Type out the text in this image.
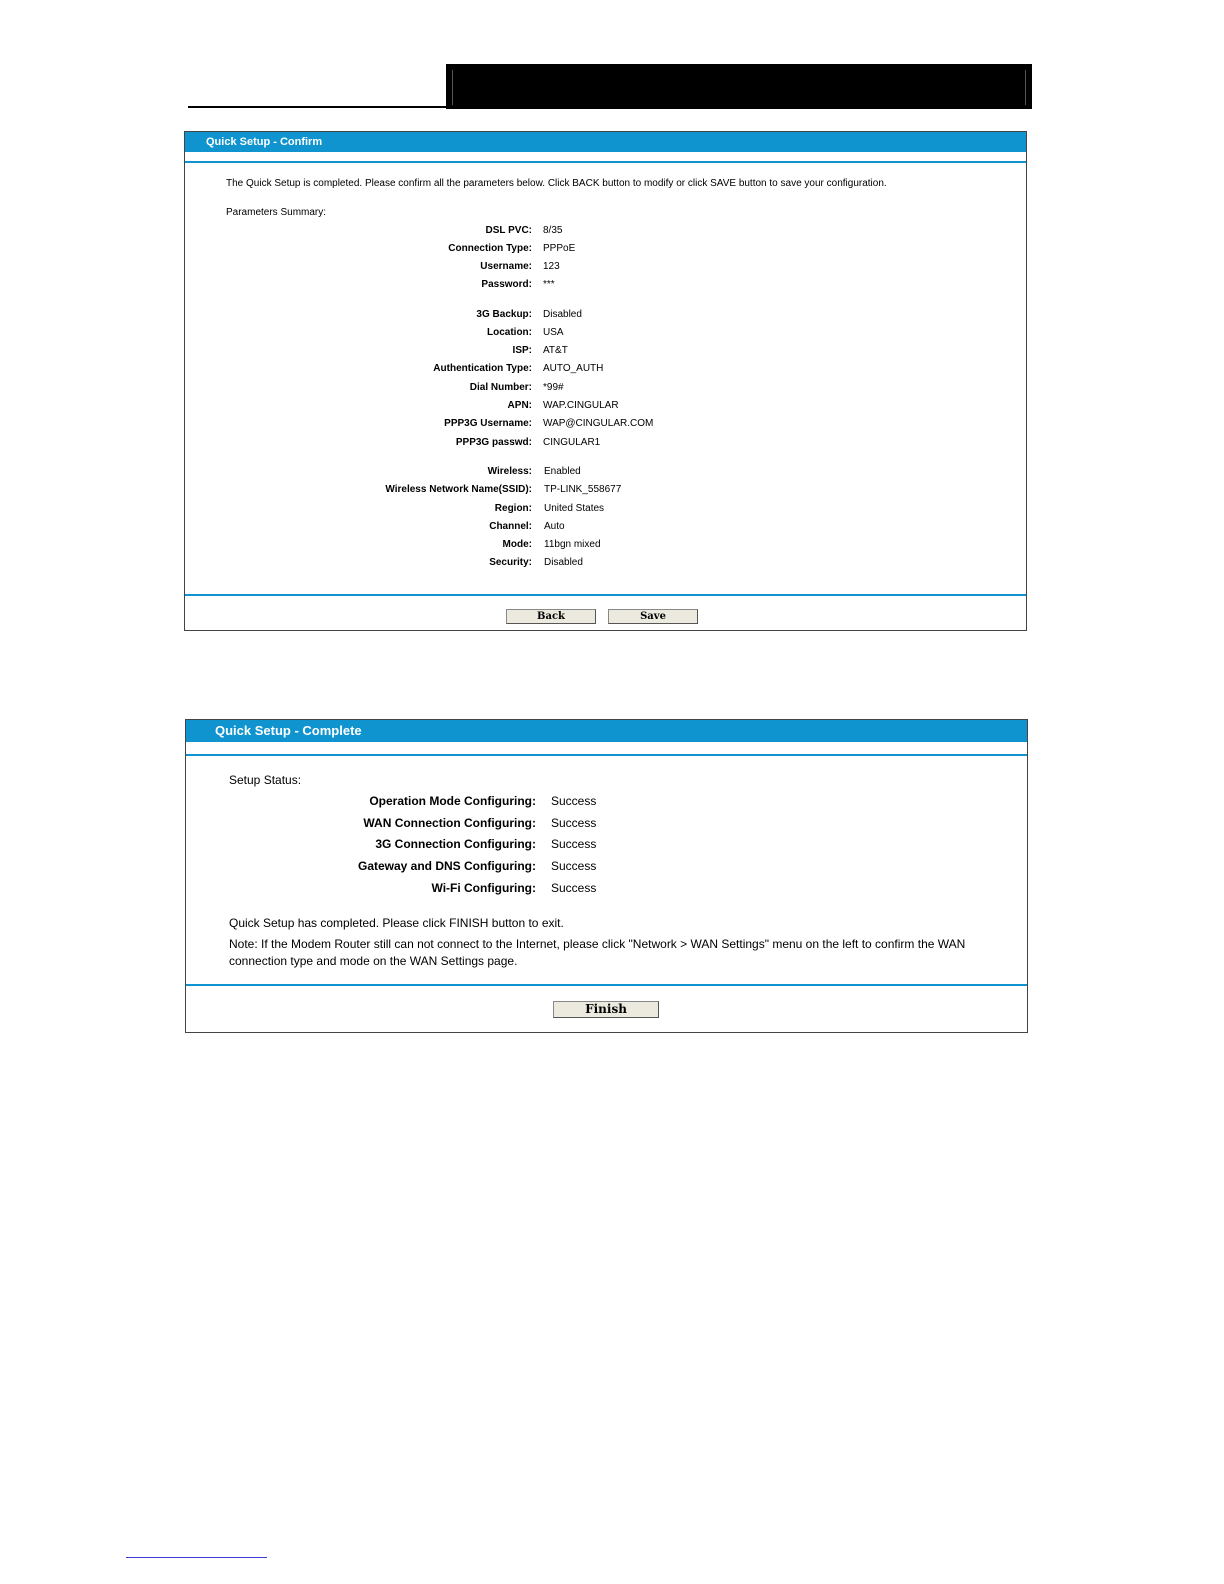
Quick Setup - Confirm
The Quick Setup is completed. Please confirm all the parameters below. Click BACK button to modify or click SAVE button to save your configuration.
Parameters Summary:
DSL PVC: 8/35
Connection Type: PPPoE
Username: 123
Password: ***
3G Backup: Disabled
Location: USA
ISP: AT&T
Authentication Type: AUTO_AUTH
Dial Number: *99#
APN: WAP.CINGULAR
PPP3G Username: WAP@CINGULAR.COM
PPP3G passwd: CINGULAR1
Wireless: Enabled
Wireless Network Name(SSID): TP-LINK_558677
Region: United States
Channel: Auto
Mode: 11bgn mixed
Security: Disabled
Back	Save
Quick Setup - Complete
Setup Status:
Operation Mode Configuring: Success
WAN Connection Configuring: Success
3G Connection Configuring: Success
Gateway and DNS Configuring: Success
Wi-Fi Configuring: Success
Quick Setup has completed. Please click FINISH button to exit.
Note: If the Modem Router still can not connect to the Internet, please click "Network > WAN Settings" menu on the left to confirm the WAN
connection type and mode on the WAN Settings page.
Finish
